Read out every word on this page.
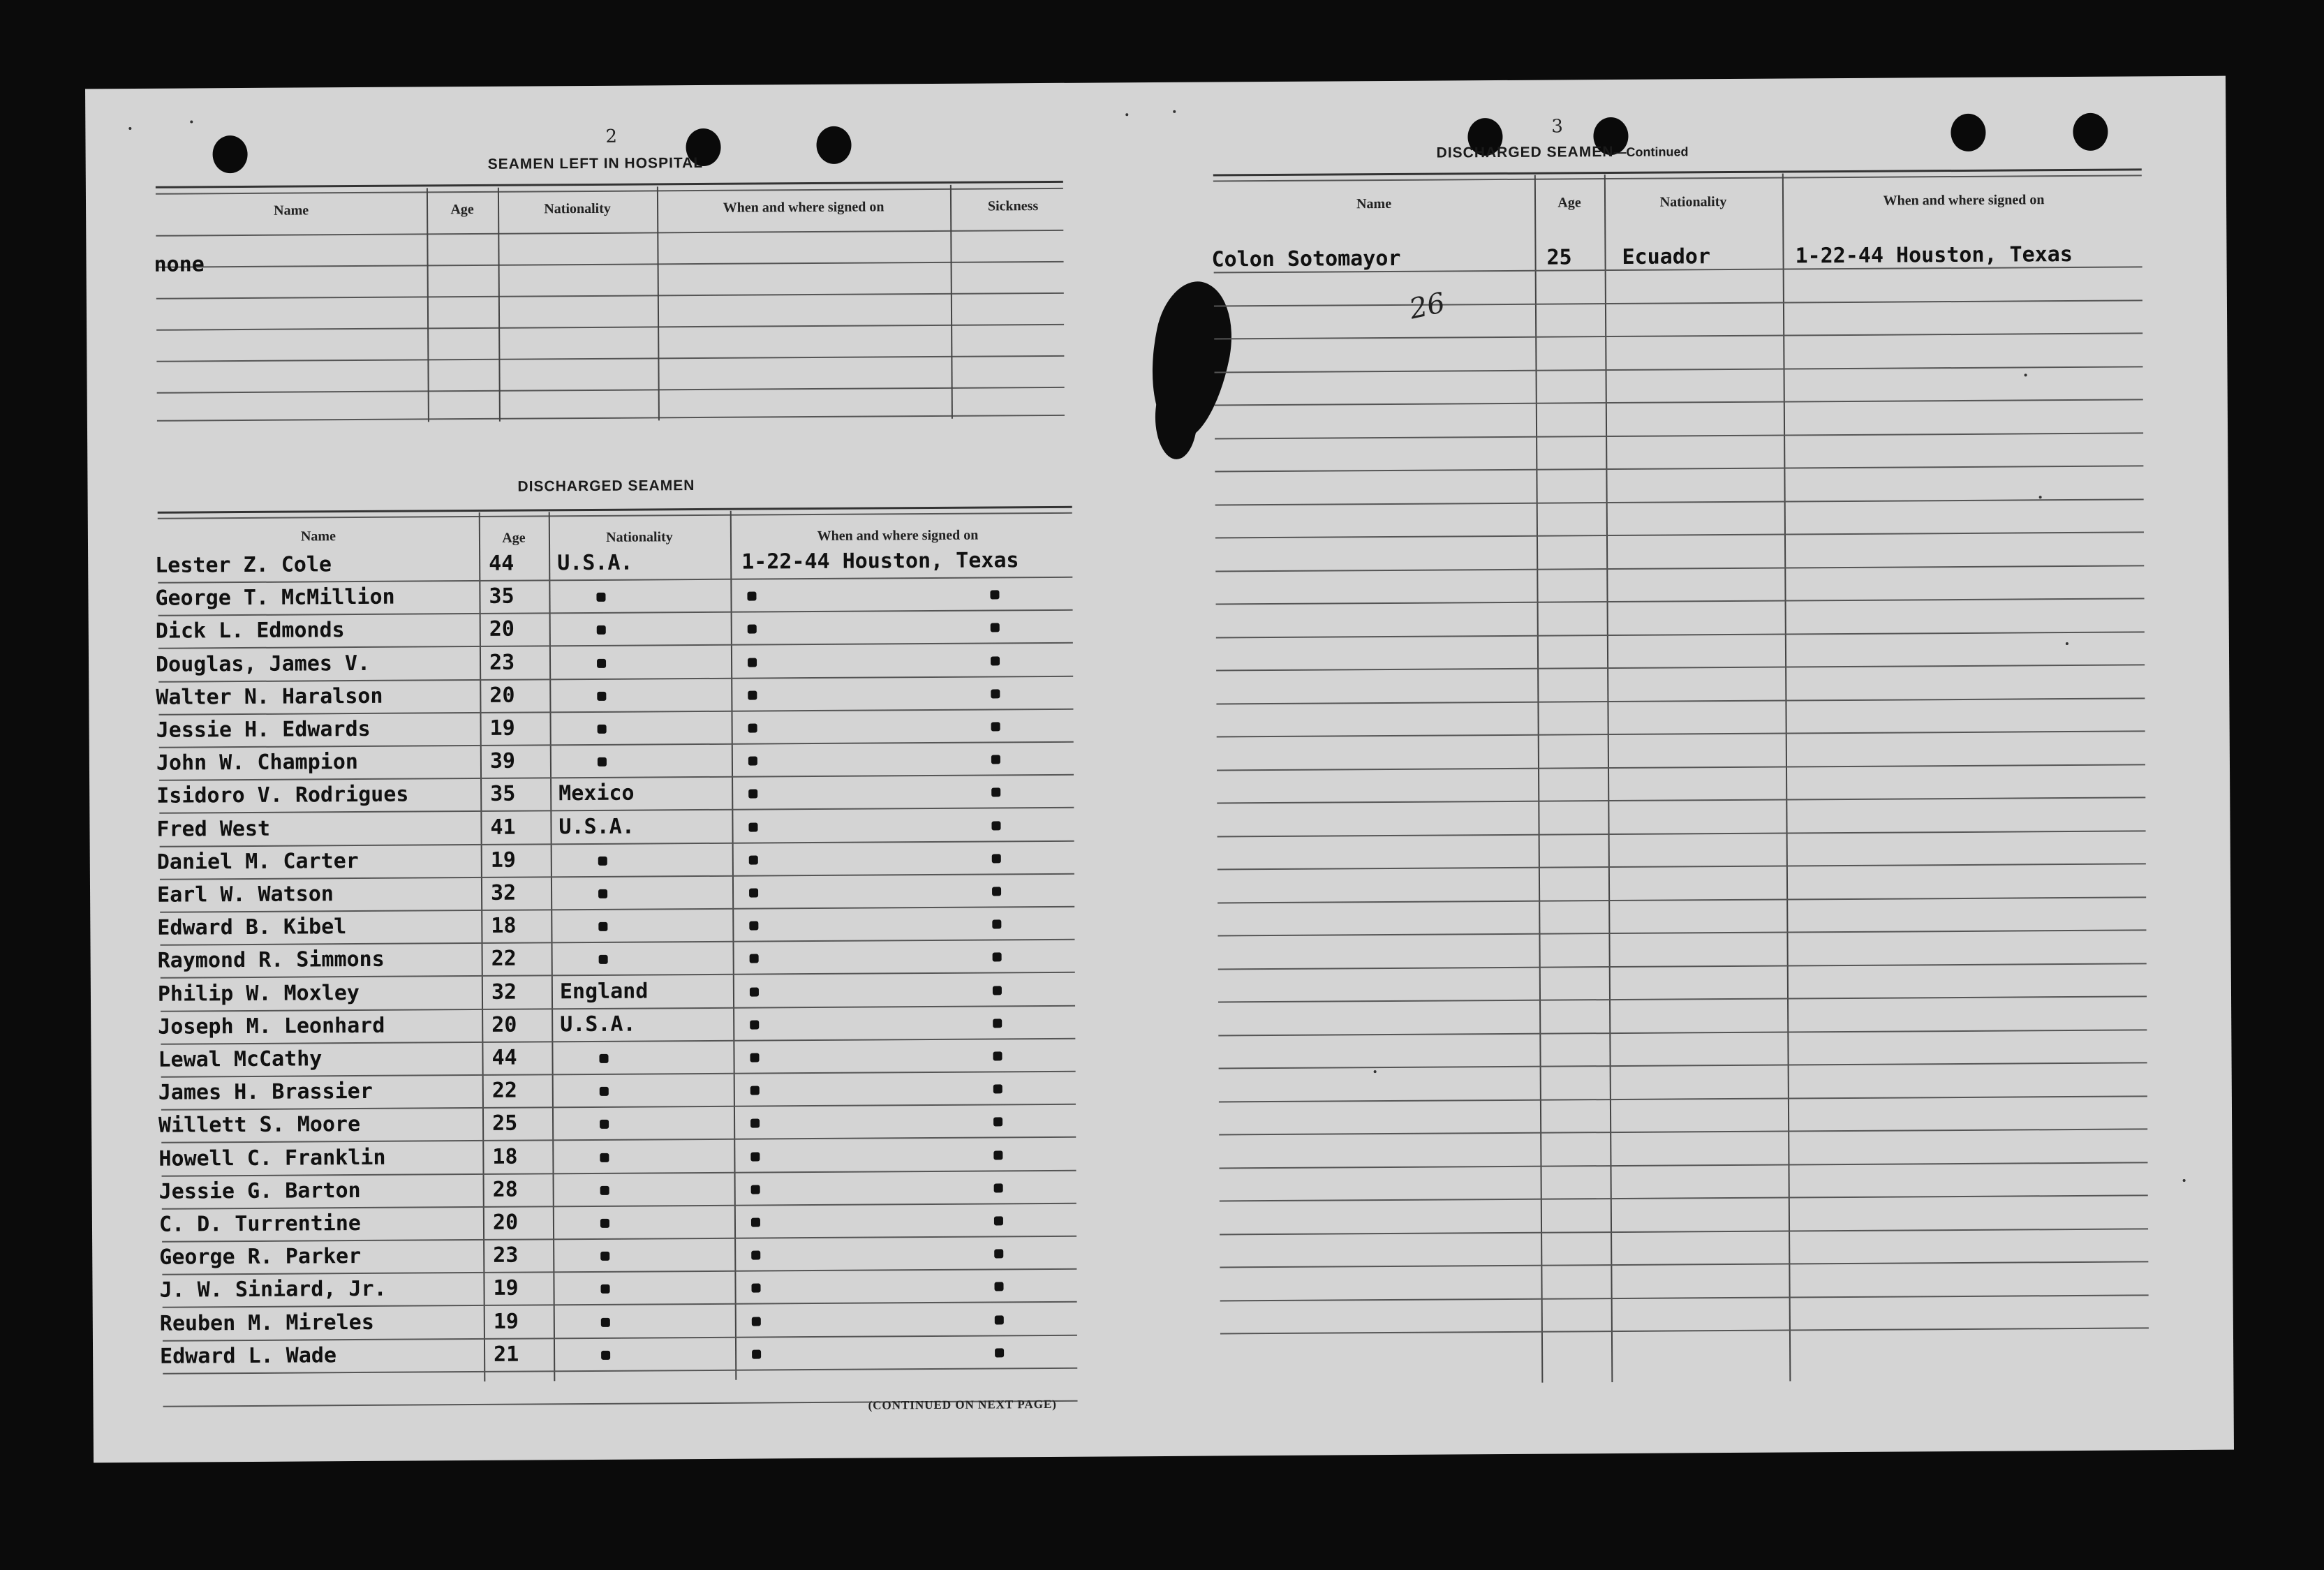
2
SEAMEN LEFT IN HOSPITAL
Name	Age	Nationality	When and where signed on	Sickness
none
DISCHARGED SEAMEN
Name	Age	Nationality	When and where signed on
Lester Z. Cole	44 U.S.A.	1-22-44 Houston, Texas
George T. McMillion	35
Dick L. Edmonds	20
Douglas, James V.	23
Walter N. Haralson	20
Jessie H. Edwards	19
John W. Champion	39
Isidoro V. Rodrigues	35 Mexico
Fred West	41 U.S.A.
Daniel M. Carter	19
Earl W. Watson	32
Edward B. Kibel	18
Raymond R. Simmons	22
Philip W. Moxley	32 England
Joseph M. Leonhard	20 U.S.A.
Lewal McCathy	44
James H. Brassier	22
Willett S. Moore	25
Howell C. Franklin	18
Jessie G. Barton	28
C. D. Turrentine	20
George R. Parker	23
J. W. Siniard, Jr.	19
Reuben M. Mireles	19
Edward L. Wade	21
(CONTINUED ON NEXT PAGE)
3
DISCHARGED SEAMEN—Continued
Name	Age	Nationality	When and where signed on
Colon Sotomayor	25 Ecuador	1-22-44 Houston, Texas
26
